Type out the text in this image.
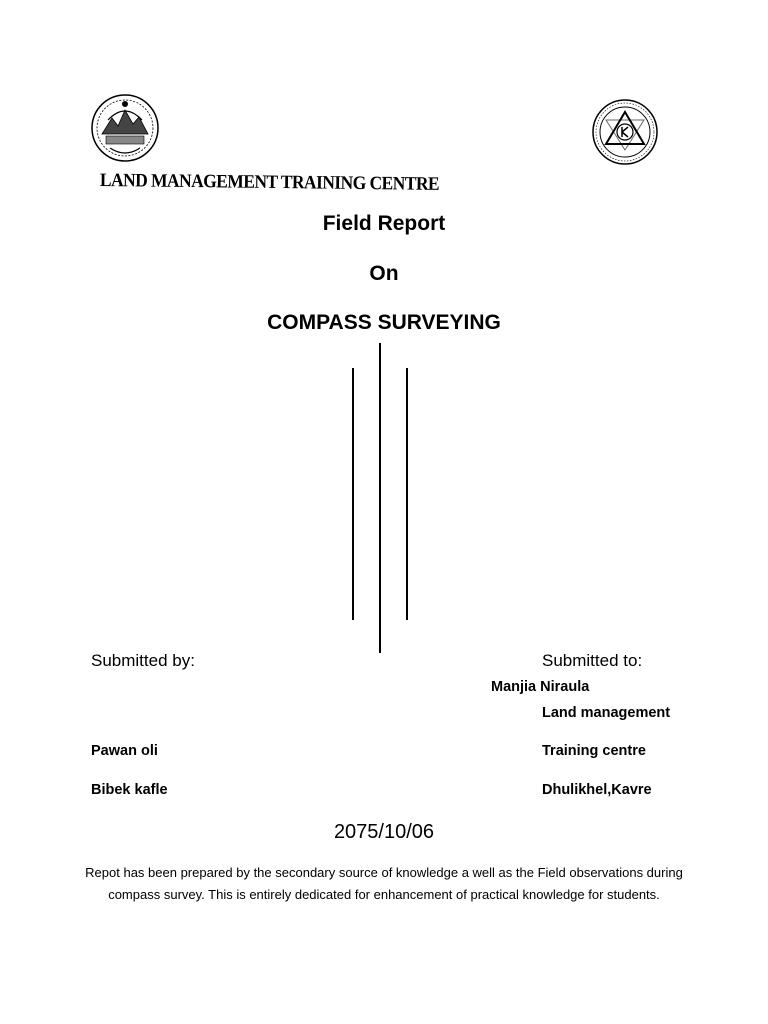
LAND MANAGEMENT TRAINING CENTRE
Field Report
On
COMPASS SURVEYING
Submitted by:	Submitted to:
Manjia Niraula
Land management
Training centre
Dhulikhel,Kavre
Pawan oli
Bibek kafle
2075/10/06
Repot has been prepared by the secondary source of knowledge a well as the Field observations during compass survey. This is entirely dedicated for enhancement of practical knowledge for students.
